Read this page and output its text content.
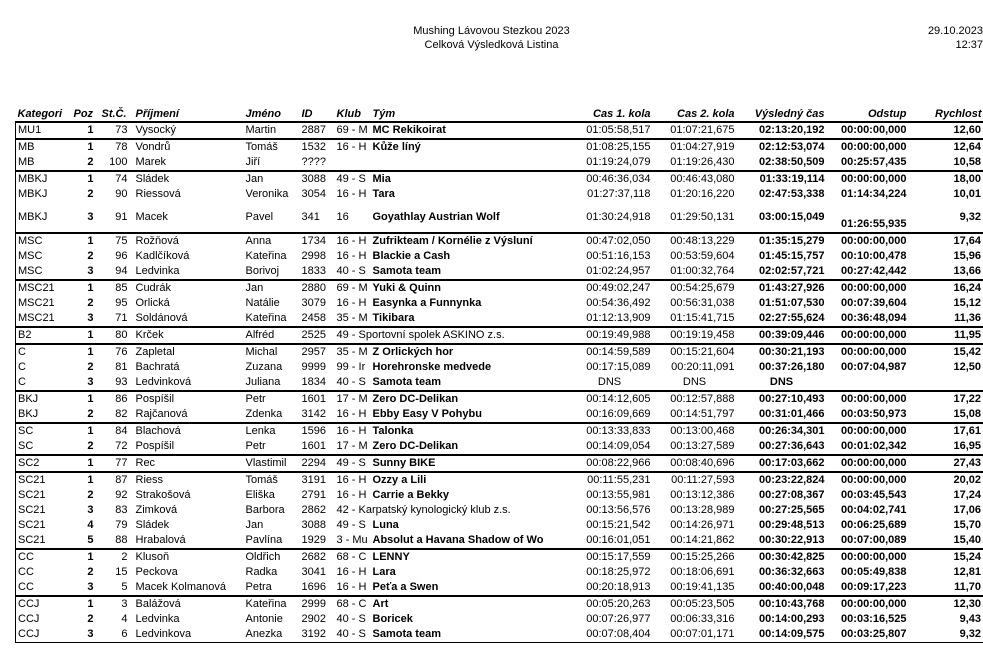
Mushing Lávovou Stezkou 2023
Celková Výsledková Listina
29.10.2023
12:37
Kategori	Poz	St.Č.	Příjmení	Jméno	ID	Klub	Tým	Cas 1. kola	Cas 2. kola	Výsledný čas	Odstup	Rychlost
MU1	1	73	Vysocký	Martin	2887	69 - M	MC Rekikoirat	01:05:58,517	01:07:21,675	02:13:20,192	00:00:00,000	12,60
MB	1	78	Vondrů	Tomáš	1532	16 - H	Kůže líný	01:08:25,155	01:04:27,919	02:12:53,074	00:00:00,000	12,64
MB	2	100	Marek	Jiří	????			01:19:24,079	01:19:26,430	02:38:50,509	00:25:57,435	10,58
MBKJ	1	74	Sládek	Jan	3088	49 - S	Mia	00:46:36,034	00:46:43,080	01:33:19,114	00:00:00,000	18,00
MBKJ	2	90	Riessová	Veronika	3054	16 - H	Tara	01:27:37,118	01:20:16,220	02:47:53,338	01:14:34,224	10,01
MBKJ	3	91	Macek	Pavel	341	16	Goyathlay Austrian Wolf	01:30:24,918	01:29:50,131	03:00:15,049	01:26:55,935	9,32
MSC	1	75	Rožňová	Anna	1734	16 - H	Zufrikteam / Kornélie z Výsluní	00:47:02,050	00:48:13,229	01:35:15,279	00:00:00,000	17,64
MSC	2	96	Kadlčíková	Kateřina	2998	16 - H	Blackie a Cash	00:51:16,153	00:53:59,604	01:45:15,757	00:10:00,478	15,96
MSC	3	94	Ledvinka	Borivoj	1833	40 - S	Samota team	01:02:24,957	01:00:32,764	02:02:57,721	00:27:42,442	13,66
MSC21	1	85	Cudrák	Jan	2880	69 - M	Yuki & Quinn	00:49:02,247	00:54:25,679	01:43:27,926	00:00:00,000	16,24
MSC21	2	95	Orlická	Natálie	3079	16 - H	Easynka a Funnynka	00:54:36,492	00:56:31,038	01:51:07,530	00:07:39,604	15,12
MSC21	3	71	Soldánová	Kateřina	2458	35 - M	Tikibara	01:12:13,909	01:15:41,715	02:27:55,624	00:36:48,094	11,36
B2	1	80	Krček	Alfréd	2525	49 - Sportovní spolek ASKINO z.s.		00:19:49,988	00:19:19,458	00:39:09,446	00:00:00,000	11,95
C	1	76	Zapletal	Michal	2957	35 - M	Z Orlických hor	00:14:59,589	00:15:21,604	00:30:21,193	00:00:00,000	15,42
C	2	81	Bachratá	Zuzana	9999	99 - Ir	Horehronske medvede	00:17:15,089	00:20:11,091	00:37:26,180	00:07:04,987	12,50
C	3	93	Ledvinková	Juliana	1834	40 - S	Samota team	DNS	DNS	DNS		
BKJ	1	86	Pospíšil	Petr	1601	17 - M	Zero DC-Delikan	00:14:12,605	00:12:57,888	00:27:10,493	00:00:00,000	17,22
BKJ	2	82	Rajčanová	Zdenka	3142	16 - H	Ebby Easy V Pohybu	00:16:09,669	00:14:51,797	00:31:01,466	00:03:50,973	15,08
SC	1	84	Blachová	Lenka	1596	16 - H	Talonka	00:13:33,833	00:13:00,468	00:26:34,301	00:00:00,000	17,61
SC	2	72	Pospíšil	Petr	1601	17 - M	Zero DC-Delikan	00:14:09,054	00:13:27,589	00:27:36,643	00:01:02,342	16,95
SC2	1	77	Rec	Vlastimil	2294	49 - S	Sunny BIKE	00:08:22,966	00:08:40,696	00:17:03,662	00:00:00,000	27,43
SC21	1	87	Riess	Tomáš	3191	16 - H	Ozzy a Lili	00:11:55,231	00:11:27,593	00:23:22,824	00:00:00,000	20,02
SC21	2	92	Strakošová	Eliška	2791	16 - H	Carrie a Bekky	00:13:55,981	00:13:12,386	00:27:08,367	00:03:45,543	17,24
SC21	3	83	Zimková	Barbora	2862	42 - Karpatský kynologický klub z.s.		00:13:56,576	00:13:28,989	00:27:25,565	00:04:02,741	17,06
SC21	4	79	Sládek	Jan	3088	49 - S	Luna	00:15:21,542	00:14:26,971	00:29:48,513	00:06:25,689	15,70
SC21	5	88	Hrabalová	Pavlína	1929	3 - Mu	Absolut a Havana Shadow of Wo	00:16:01,051	00:14:21,862	00:30:22,913	00:07:00,089	15,40
CC	1	2	Klusoň	Oldřich	2682	68 - C	LENNY	00:15:17,559	00:15:25,266	00:30:42,825	00:00:00,000	15,24
CC	2	15	Peckova	Radka	3041	16 - H	Lara	00:18:25,972	00:18:06,691	00:36:32,663	00:05:49,838	12,81
CC	3	5	Macek Kolmanová	Petra	1696	16 - H	Peťa a Swen	00:20:18,913	00:19:41,135	00:40:00,048	00:09:17,223	11,70
CCJ	1	3	Balážová	Kateřina	2999	68 - C	Art	00:05:20,263	00:05:23,505	00:10:43,768	00:00:00,000	12,30
CCJ	2	4	Ledvinka	Antonie	2902	40 - S	Boricek	00:07:26,977	00:06:33,316	00:14:00,293	00:03:16,525	9,43
CCJ	3	6	Ledvinkova	Anezka	3192	40 - S	Samota team	00:07:08,404	00:07:01,171	00:14:09,575	00:03:25,807	9,32
